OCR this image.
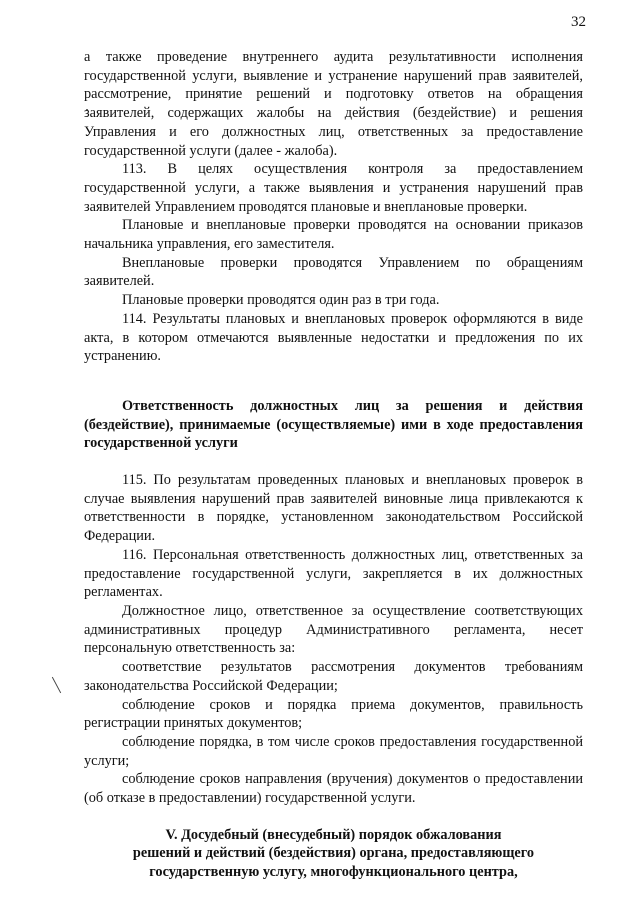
32

а также проведение внутреннего аудита результативности исполнения государственной услуги, выявление и устранение нарушений прав заявителей, рассмотрение, принятие решений и подготовку ответов на обращения заявителей, содержащих жалобы на действия (бездействие) и решения Управления и его должностных лиц, ответственных за предоставление государственной услуги (далее - жалоба).

113. В целях осуществления контроля за предоставлением государственной услуги, а также выявления и устранения нарушений прав заявителей Управлением проводятся плановые и внеплановые проверки.

Плановые и внеплановые проверки проводятся на основании приказов начальника управления, его заместителя.

Внеплановые проверки проводятся Управлением по обращениям заявителей.

Плановые проверки проводятся один раз в три года.

114. Результаты плановых и внеплановых проверок оформляются в виде акта, в котором отмечаются выявленные недостатки и предложения по их устранению.

Ответственность должностных лиц за решения и действия (бездействие), принимаемые (осуществляемые) ими в ходе предоставления государственной услуги

115. По результатам проведенных плановых и внеплановых проверок в случае выявления нарушений прав заявителей виновные лица привлекаются к ответственности в порядке, установленном законодательством Российской Федерации.

116. Персональная ответственность должностных лиц, ответственных за предоставление государственной услуги, закрепляется в их должностных регламентах.

Должностное лицо, ответственное за осуществление соответствующих административных процедур Административного регламента, несет персональную ответственность за:

соответствие результатов рассмотрения документов требованиям законодательства Российской Федерации;

соблюдение сроков и порядка приема документов, правильность регистрации принятых документов;

соблюдение порядка, в том числе сроков предоставления государственной услуги;

соблюдение сроков направления (вручения) документов о предоставлении (об отказе в предоставлении) государственной услуги.

V. Досудебный (внесудебный) порядок обжалования
решений и действий (бездействия) органа, предоставляющего
государственную услугу, многофункционального центра,
